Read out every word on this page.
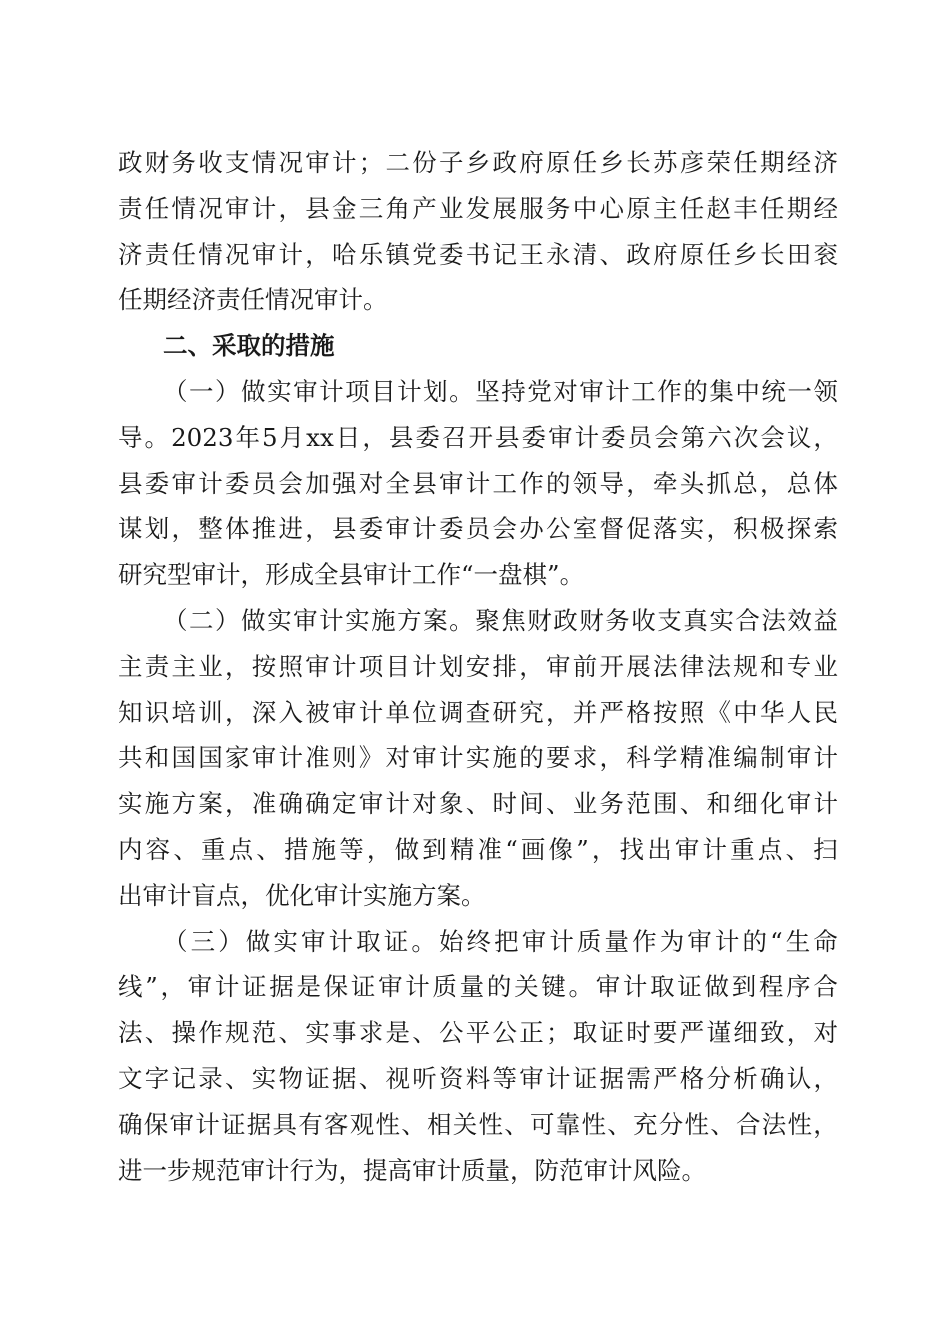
政 财 务 收 支 情 况 审 计 ； 二 份 子 乡 政 府 原 任 乡 长 苏 彦 荣 任 期 经 济
责 任 情 况 审 计 ， 县 金 三 角 产 业 发 展 服 务 中 心 原 主 任 赵 丰 任 期 经
济 责 任 情 况 审 计 ， 哈 乐 镇 党 委 书 记 王 永 清 、 政 府 原 任 乡 长 田 衮
任 期 经 济 责 任 情 况 审 计 。
二 、 采 取 的 措 施
（ 一 ） 做 实 审 计 项 目 计 划 。 坚 持 党 对 审 计 工 作 的 集 中 统 一 领
导 。 2023 年 5 月 xx 日 ， 县 委 召 开 县 委 审 计 委 员 会 第 六 次 会 议 ，
县 委 审 计 委 员 会 加 强 对 全 县 审 计 工 作 的 领 导 ， 牵 头 抓 总 ， 总 体
谋 划 ， 整 体 推 进 ， 县 委 审 计 委 员 会 办 公 室 督 促 落 实 ， 积 极 探 索
研 究 型 审 计 ， 形 成 全 县 审 计 工 作 “ 一 盘 棋 ” 。
（ 二 ） 做 实 审 计 实 施 方 案 。 聚 焦 财 政 财 务 收 支 真 实 合 法 效 益
主 责 主 业 ， 按 照 审 计 项 目 计 划 安 排 ， 审 前 开 展 法 律 法 规 和 专 业
知 识 培 训 ， 深 入 被 审 计 单 位 调 查 研 究 ， 并 严 格 按 照 《 中 华 人 民
共 和 国 国 家 审 计 准 则 》 对 审 计 实 施 的 要 求 ， 科 学 精 准 编 制 审 计
实 施 方 案 ， 准 确 确 定 审 计 对 象 、 时 间 、 业 务 范 围 、 和 细 化 审 计
内 容 、 重 点 、 措 施 等 ， 做 到 精 准 “ 画 像 ” ， 找 出 审 计 重 点 、 扫
出 审 计 盲 点 ， 优 化 审 计 实 施 方 案 。
（ 三 ） 做 实 审 计 取 证 。 始 终 把 审 计 质 量 作 为 审 计 的 “ 生 命
线 ” ， 审 计 证 据 是 保 证 审 计 质 量 的 关 键 。 审 计 取 证 做 到 程 序 合
法 、 操 作 规 范 、 实 事 求 是 、 公 平 公 正 ； 取 证 时 要 严 谨 细 致 ， 对
文 字 记 录 、 实 物 证 据 、 视 听 资 料 等 审 计 证 据 需 严 格 分 析 确 认 ，
确 保 审 计 证 据 具 有 客 观 性 、 相 关 性 、 可 靠 性 、 充 分 性 、 合 法 性 ，
进 一 步 规 范 审 计 行 为 ， 提 高 审 计 质 量 ， 防 范 审 计 风 险 。
